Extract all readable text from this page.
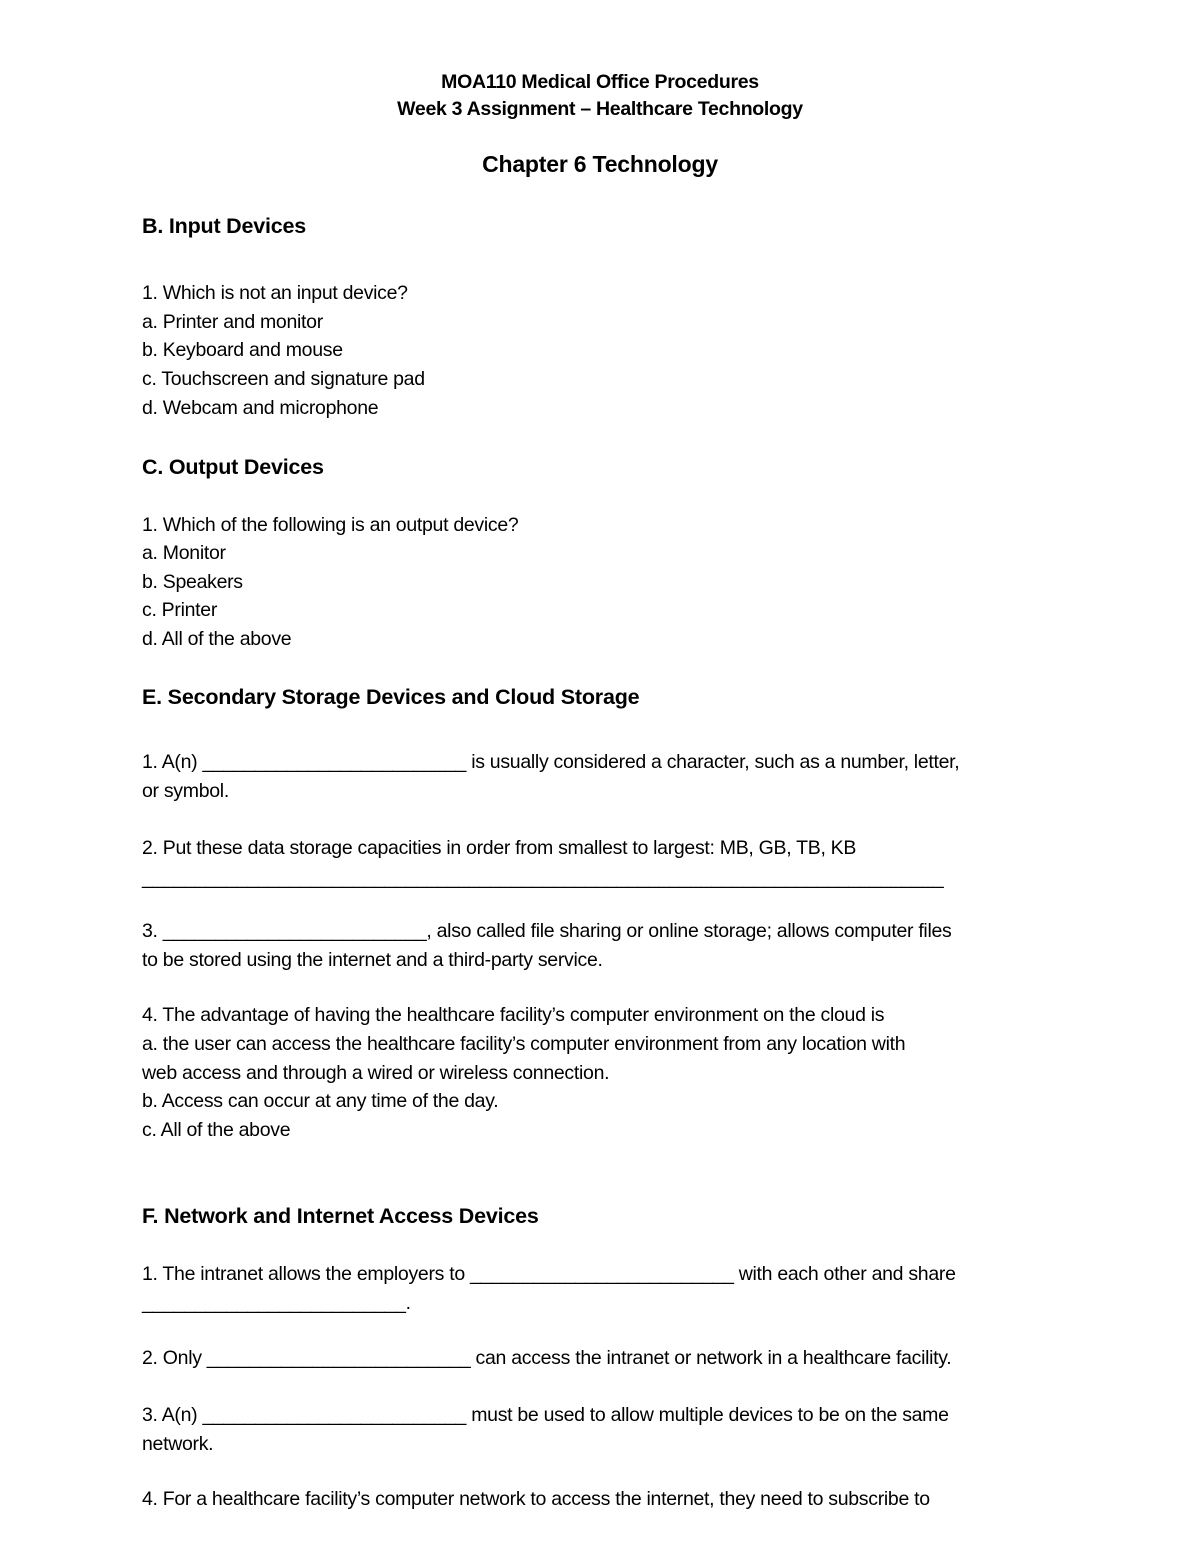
MOA110 Medical Office Procedures
Week 3 Assignment – Healthcare Technology
Chapter 6 Technology
B. Input Devices
1. Which is not an input device?
a. Printer and monitor
b. Keyboard and mouse
c. Touchscreen and signature pad
d. Webcam and microphone
C. Output Devices
1. Which of the following is an output device?
a. Monitor
b. Speakers
c. Printer
d. All of the above
E. Secondary Storage Devices and Cloud Storage
1. A(n) _________________________ is usually considered a character, such as a number, letter,
or symbol.
2. Put these data storage capacities in order from smallest to largest: MB, GB, TB, KB
____________________________________________________________________________
3. _________________________, also called file sharing or online storage; allows computer files
to be stored using the internet and a third-party service.
4. The advantage of having the healthcare facility’s computer environment on the cloud is
a. the user can access the healthcare facility’s computer environment from any location with
web access and through a wired or wireless connection.
b. Access can occur at any time of the day.
c. All of the above
F. Network and Internet Access Devices
1. The intranet allows the employers to _________________________ with each other and share
_________________________.
2. Only _________________________ can access the intranet or network in a healthcare facility.
3. A(n) _________________________ must be used to allow multiple devices to be on the same
network.
4. For a healthcare facility’s computer network to access the internet, they need to subscribe to
